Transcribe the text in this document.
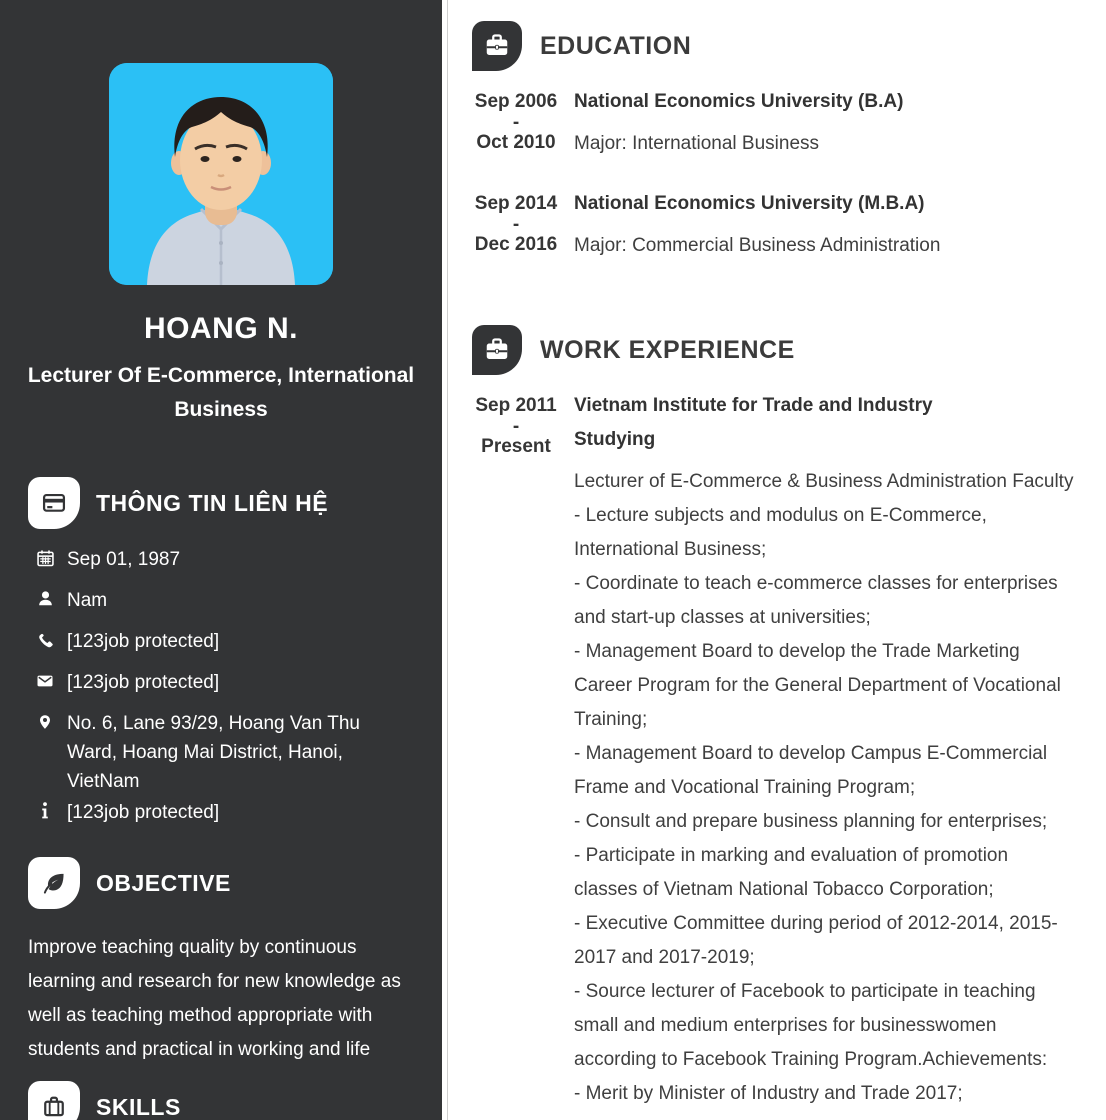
HOANG N.
Lecturer Of E-Commerce, International Business
THÔNG TIN LIÊN HỆ
Sep 01, 1987
Nam
[123job protected]
[123job protected]
No. 6, Lane 93/29, Hoang Van Thu Ward, Hoang Mai District, Hanoi, VietNam
[123job protected]
OBJECTIVE
Improve teaching quality by continuous learning and research for new knowledge as well as teaching method appropriate with students and practical in working and life
SKILLS
EDUCATION
Sep 2006
-
Oct 2010

National Economics University (B.A)

Major: International Business

Sep 2014
-
Dec 2016

National Economics University (M.B.A)

Major: Commercial Business Administration

WORK EXPERIENCE
Sep 2011
-
Present

Vietnam Institute for Trade and Industry Studying

Lecturer of E-Commerce & Business Administration Faculty

- Lecture subjects and modulus on E-Commerce, International Business;

- Coordinate to teach e-commerce classes for enterprises and start-up classes at universities;

- Management Board to develop the Trade Marketing Career Program for the General Department of Vocational Training;

- Management Board to develop Campus E-Commercial Frame and Vocational Training Program;

- Consult and prepare business planning for enterprises;

- Participate in marking and evaluation of promotion classes of Vietnam National Tobacco Corporation;

- Executive Committee during period of 2012-2014, 2015-2017 and 2017-2019;

- Source lecturer of Facebook to participate in teaching small and medium enterprises for businesswomen according to Facebook Training Program.Achievements:

- Merit by Minister of Industry and Trade 2017;
